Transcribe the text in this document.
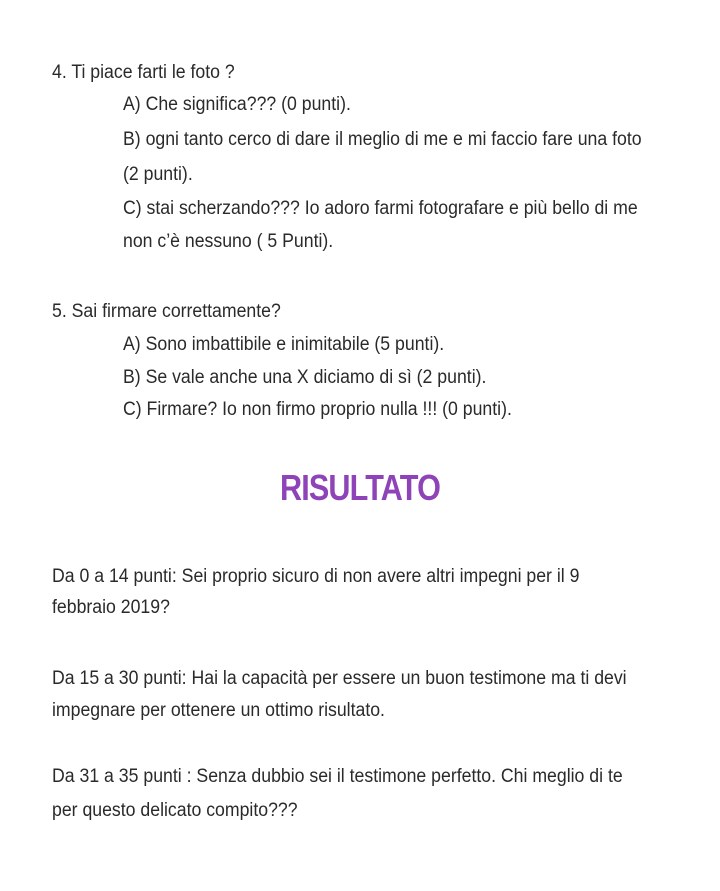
4. Ti piace farti le foto ?
A) Che significa??? (0 punti).
B) ogni tanto cerco di dare il meglio di me e mi faccio fare una foto
(2 punti).
C) stai scherzando??? Io adoro farmi fotografare e più bello di me
non c’è nessuno ( 5 Punti).
5. Sai firmare correttamente?
A) Sono imbattibile e inimitabile (5 punti).
B) Se vale anche una X diciamo di sì (2 punti).
C) Firmare? Io non firmo proprio nulla !!! (0 punti).
RISULTATO
Da 0 a 14 punti: Sei proprio sicuro di non avere altri impegni per il 9
febbraio 2019?
Da 15 a 30 punti: Hai la capacità per essere un buon testimone ma ti devi
impegnare per ottenere un ottimo risultato.
Da 31 a 35 punti : Senza dubbio sei il testimone perfetto. Chi meglio di te
per questo delicato compito???
